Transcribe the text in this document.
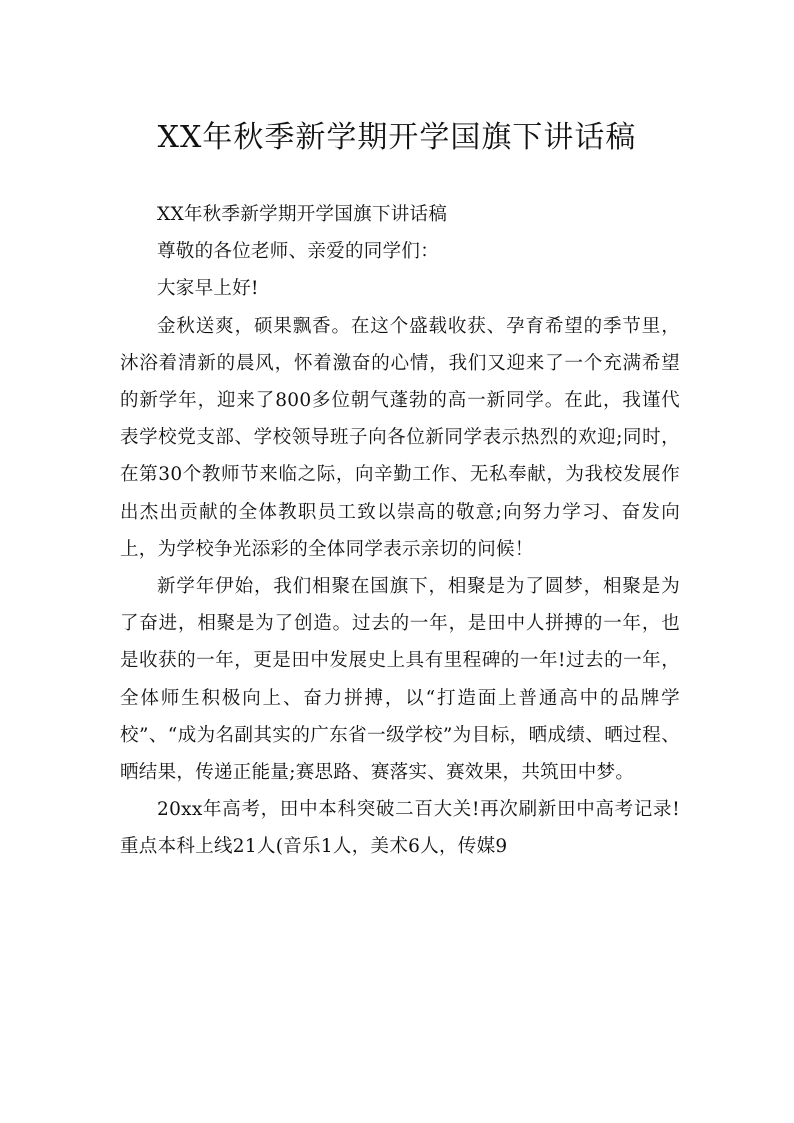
XX年秋季新学期开学国旗下讲话稿

XX年秋季新学期开学国旗下讲话稿

尊敬的各位老师、亲爱的同学们：

大家早上好!

金秋送爽，硕果飘香。在这个盛载收获、孕育希望的季节里，沐浴着清新的晨风，怀着激奋的心情，我们又迎来了一个充满希望的新学年，迎来了800多位朝气蓬勃的高一新同学。在此，我谨代表学校党支部、学校领导班子向各位新同学表示热烈的欢迎;同时，在第30个教师节来临之际，向辛勤工作、无私奉献，为我校发展作出杰出贡献的全体教职员工致以崇高的敬意;向努力学习、奋发向上，为学校争光添彩的全体同学表示亲切的问候！

新学年伊始，我们相聚在国旗下，相聚是为了圆梦，相聚是为了奋进，相聚是为了创造。过去的一年，是田中人拼搏的一年，也是收获的一年，更是田中发展史上具有里程碑的一年!过去的一年，全体师生积极向上、奋力拼搏，以“打造面上普通高中的品牌学校”、“成为名副其实的广东省一级学校”为目标，晒成绩、晒过程、晒结果，传递正能量;赛思路、赛落实、赛效果，共筑田中梦。

20xx年高考，田中本科突破二百大关!再次刷新田中高考记录!重点本科上线21人(音乐1人，美术6人，传媒9
